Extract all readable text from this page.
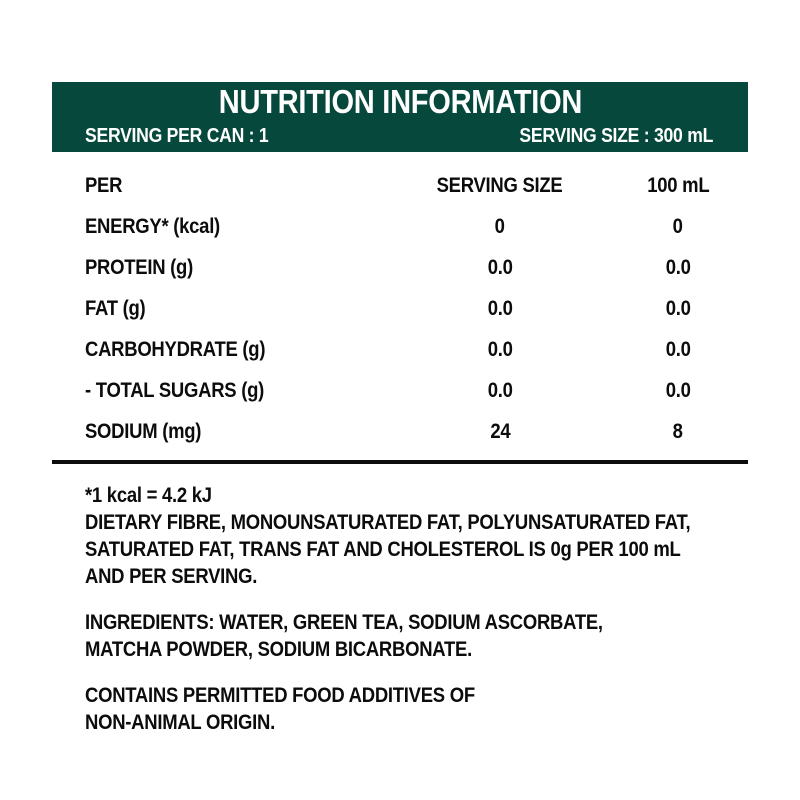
NUTRITION INFORMATION
SERVING PER CAN : 1	SERVING SIZE : 300 mL
PER	SERVING SIZE	100 mL
ENERGY* (kcal)	0	0
PROTEIN (g)	0.0	0.0
FAT (g)	0.0	0.0
CARBOHYDRATE (g)	0.0	0.0
- TOTAL SUGARS (g)	0.0	0.0
SODIUM (mg)	24	8
*1 kcal = 4.2 kJ
DIETARY FIBRE, MONOUNSATURATED FAT, POLYUNSATURATED FAT,
SATURATED FAT, TRANS FAT AND CHOLESTEROL IS 0g PER 100 mL
AND PER SERVING.
INGREDIENTS: WATER, GREEN TEA, SODIUM ASCORBATE,
MATCHA POWDER, SODIUM BICARBONATE.
CONTAINS PERMITTED FOOD ADDITIVES OF
NON-ANIMAL ORIGIN.
